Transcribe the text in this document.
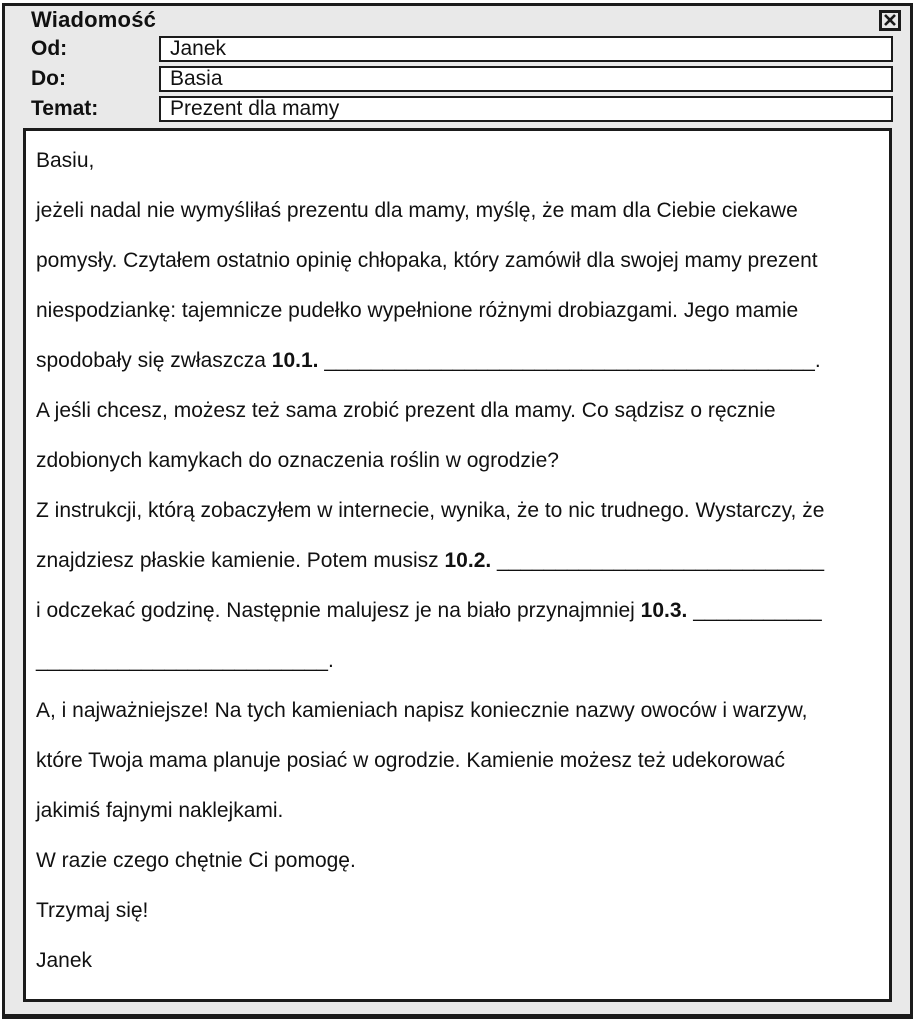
Wiadomość
Od:	Janek
Do:	Basia
Temat:	Prezent dla mamy
Basiu,
jeżeli nadal nie wymyśliłaś prezentu dla mamy, myślę, że mam dla Ciebie ciekawe
pomysły. Czytałem ostatnio opinię chłopaka, który zamówił dla swojej mamy prezent
niespodziankę: tajemnicze pudełko wypełnione różnymi drobiazgami. Jego mamie
spodobały się zwłaszcza 10.1. __________________________________________.
A jeśli chcesz, możesz też sama zrobić prezent dla mamy. Co sądzisz o ręcznie
zdobionych kamykach do oznaczenia roślin w ogrodzie?
Z instrukcji, którą zobaczyłem w internecie, wynika, że to nic trudnego. Wystarczy, że
znajdziesz płaskie kamienie. Potem musisz 10.2. ____________________________
i odczekać godzinę. Następnie malujesz je na biało przynajmniej 10.3. ___________
_________________________.
A, i najważniejsze! Na tych kamieniach napisz koniecznie nazwy owoców i warzyw,
które Twoja mama planuje posiać w ogrodzie. Kamienie możesz też udekorować
jakimiś fajnymi naklejkami.
W razie czego chętnie Ci pomogę.
Trzymaj się!
Janek
